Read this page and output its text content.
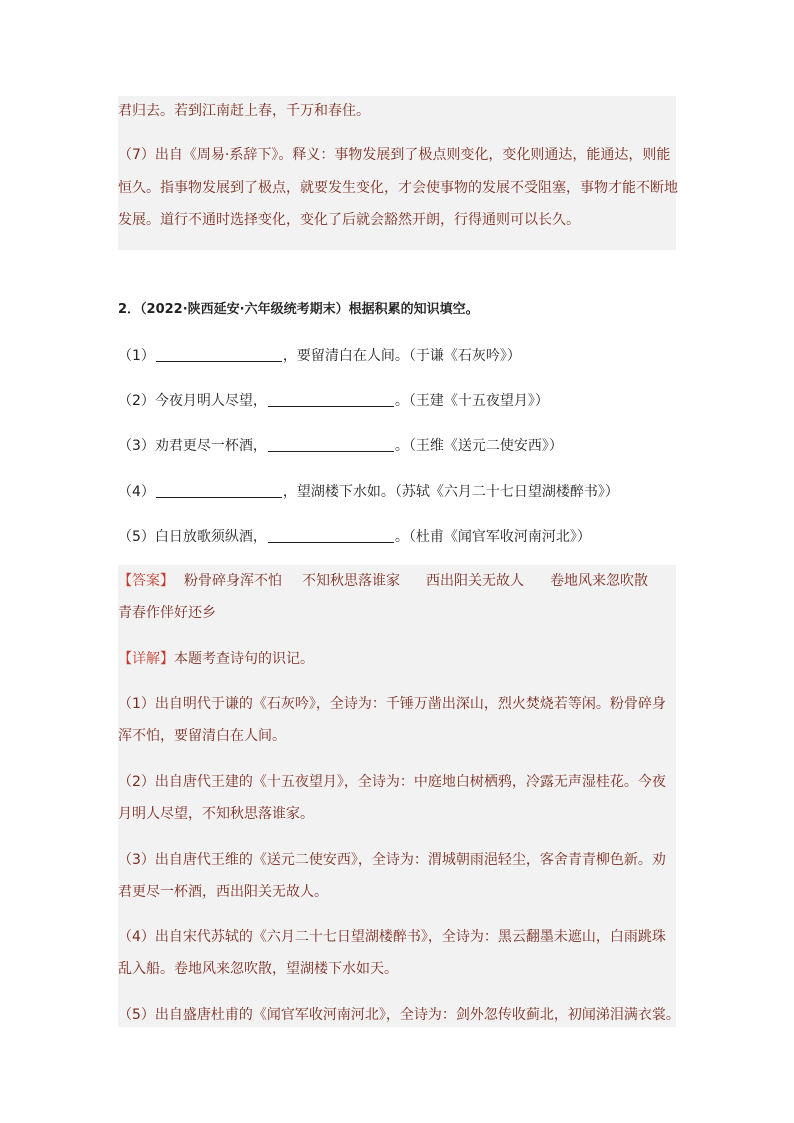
君归去。若到江南赶上春，千万和春住。
（7）出自《周易·系辞下》。释义：事物发展到了极点则变化，变化则通达，能通达，则能
恒久。指事物发展到了极点，就要发生变化，才会使事物的发展不受阻塞，事物才能不断地
发展。道行不通时选择变化，变化了后就会豁然开朗，行得通则可以长久。
2．（2022·陕西延安·六年级统考期末）根据积累的知识填空。
（1）	，要留清白在人间。（于谦《石灰吟》）
（2）今夜月明人尽望，	。（王建《十五夜望月》）
（3）劝君更尽一杯酒，	。（王维《送元二使安西》）
（4）	，望湖楼下水如。（苏轼《六月二十七日望湖楼醉书》）
（5）白日放歌须纵酒，	。（杜甫《闻官军收河南河北》）
【答案】 粉骨碎身浑不怕 不知秋思落谁家 西出阳关无故人 卷地风来忽吹散
青春作伴好还乡
【详解】本题考查诗句的识记。
（1）出自明代于谦的《石灰吟》，全诗为：千锤万凿出深山，烈火焚烧若等闲。粉骨碎身
浑不怕，要留清白在人间。
（2）出自唐代王建的《十五夜望月》，全诗为：中庭地白树栖鸦，冷露无声湿桂花。今夜
月明人尽望，不知秋思落谁家。
（3）出自唐代王维的《送元二使安西》，全诗为：渭城朝雨浥轻尘，客舍青青柳色新。劝
君更尽一杯酒，西出阳关无故人。
（4）出自宋代苏轼的《六月二十七日望湖楼醉书》，全诗为：黑云翻墨未遮山，白雨跳珠
乱入船。卷地风来忽吹散，望湖楼下水如天。
（5）出自盛唐杜甫的《闻官军收河南河北》，全诗为：剑外忽传收蓟北，初闻涕泪满衣裳。
